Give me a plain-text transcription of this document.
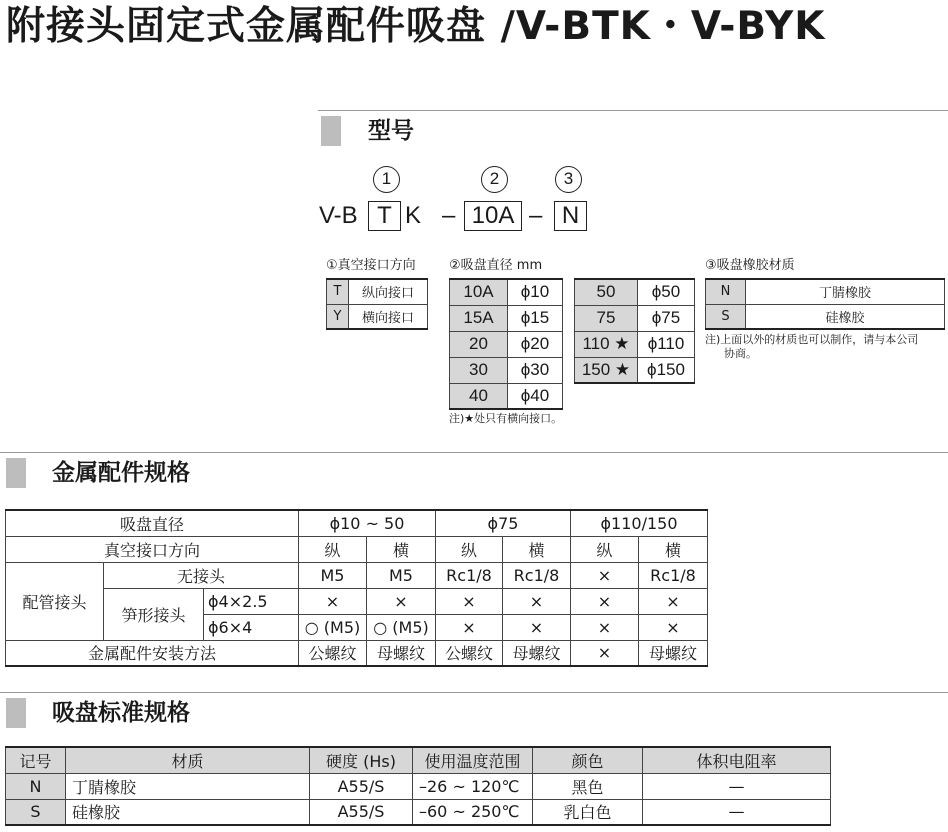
附接头固定式金属配件吸盘 /V-BTK・V-BYK
型号
1	2	3
V-B T K – 10A – N
①真空接口方向
T	纵向接口
Y	横向接口
②吸盘直径 mm
10A	ϕ10
15A	ϕ15
20	ϕ20
30	ϕ30
40	ϕ40
50	ϕ50
75	ϕ75
110 ★	ϕ110
150 ★	ϕ150
注)★处只有横向接口。
③吸盘橡胶材质
N	丁腈橡胶
S	硅橡胶
注)上面以外的材质也可以制作，请与本公司
协商。
金属配件规格
吸盘直径			ϕ10 ~ 50		ϕ75		ϕ110/150	
真空接口方向			纵	横	纵	横	纵	横
配管接头	无接头		M5	M5	Rc1/8	Rc1/8	×	Rc1/8
	笋形接头	ϕ4×2.5	×	×	×	×	×	×
		ϕ6×4	○ (M5)	○ (M5)	×	×	×	×
金属配件安装方法			公螺纹	母螺纹	公螺纹	母螺纹	×	母螺纹
吸盘标准规格
记号	材质	硬度 (Hs)	使用温度范围	颜色	体积电阻率
N	丁腈橡胶	A55/S	–26 ~ 120℃	黑色	—
S	硅橡胶	A55/S	–60 ~ 250℃	乳白色	—
